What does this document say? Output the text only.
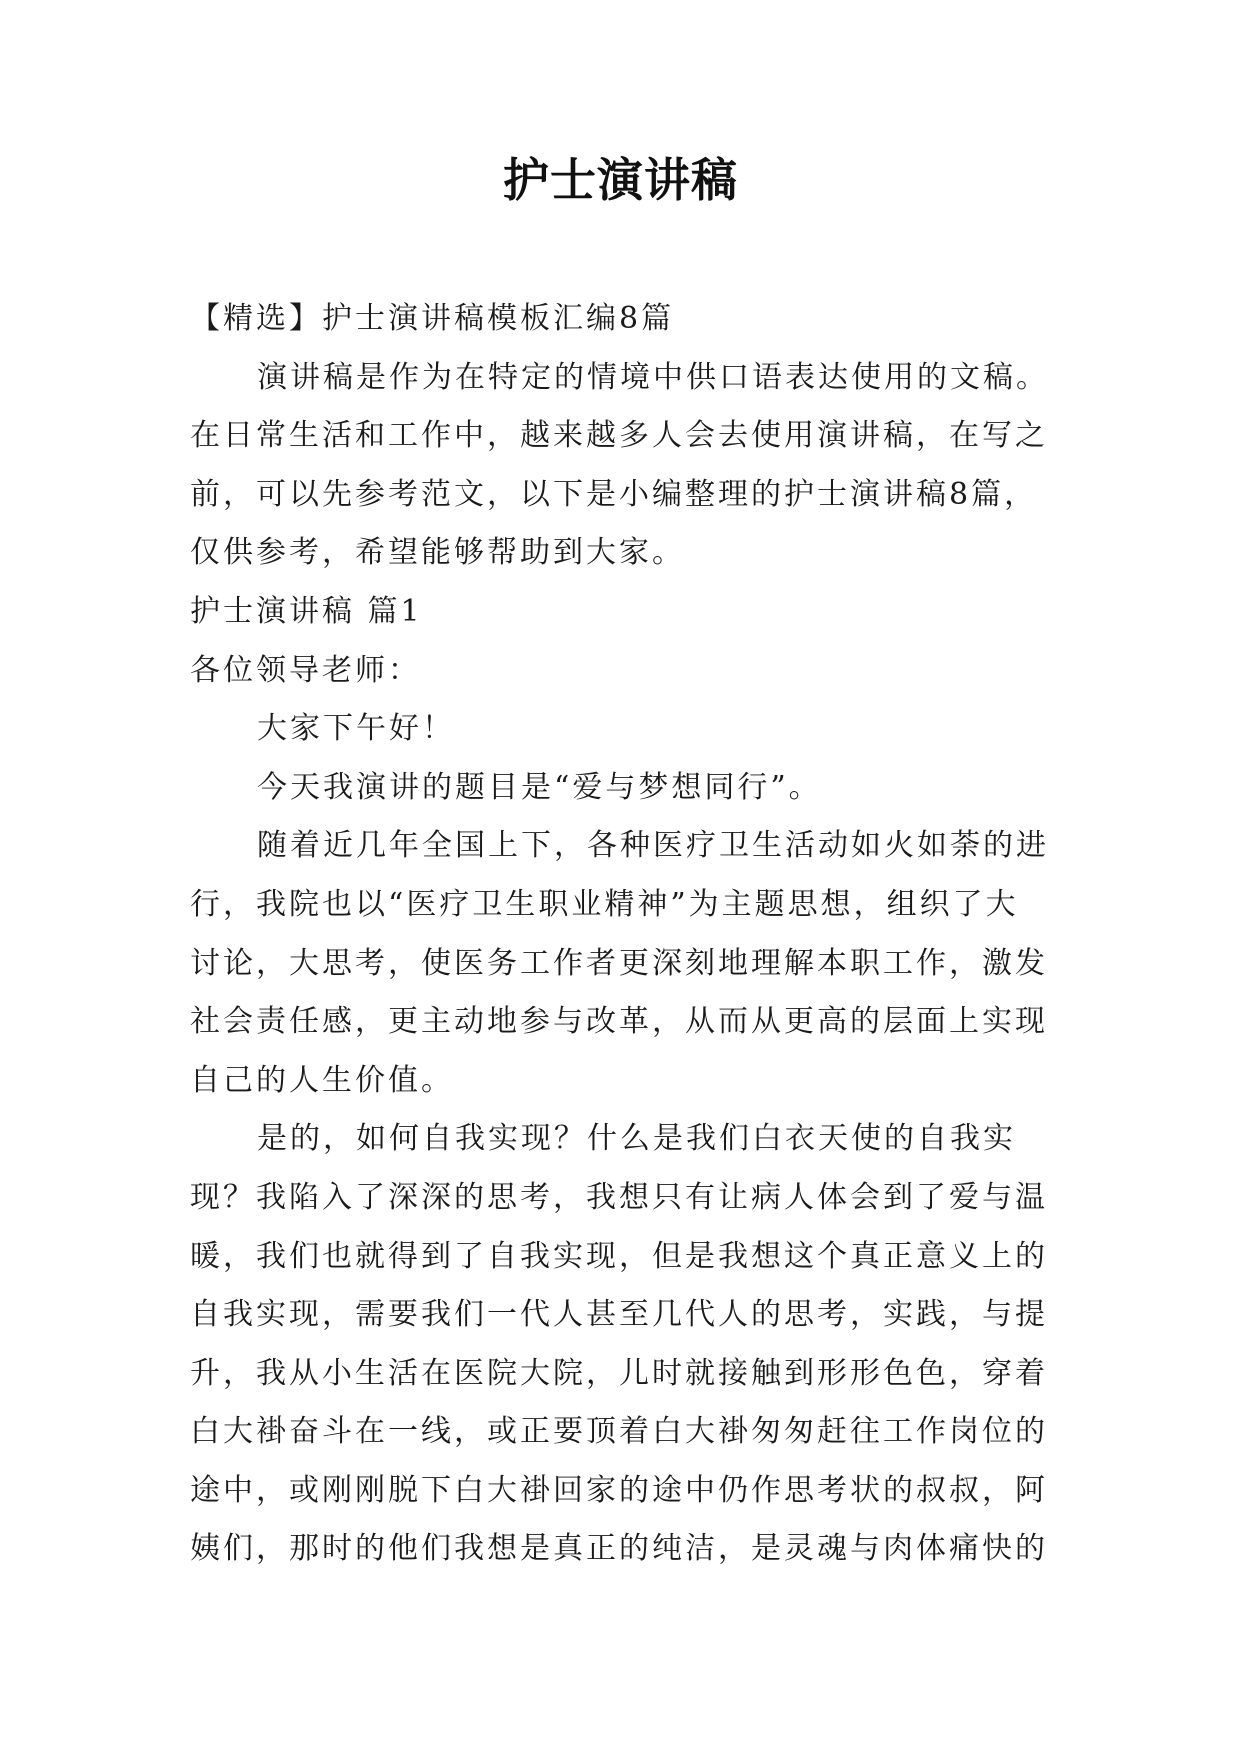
护士演讲稿
【精选】护士演讲稿模板汇编8篇
演讲稿是作为在特定的情境中供口语表达使用的文稿。
在日常生活和工作中，越来越多人会去使用演讲稿，在写之
前，可以先参考范文，以下是小编整理的护士演讲稿8篇，
仅供参考，希望能够帮助到大家。
护士演讲稿 篇1
各位领导老师：
大家下午好！
今天我演讲的题目是“爱与梦想同行”。
随着近几年全国上下，各种医疗卫生活动如火如荼的进
行，我院也以“医疗卫生职业精神”为主题思想，组织了大
讨论，大思考，使医务工作者更深刻地理解本职工作，激发
社会责任感，更主动地参与改革，从而从更高的层面上实现
自己的人生价值。
是的，如何自我实现？什么是我们白衣天使的自我实
现？我陷入了深深的思考，我想只有让病人体会到了爱与温
暖，我们也就得到了自我实现，但是我想这个真正意义上的
自我实现，需要我们一代人甚至几代人的思考，实践，与提
升，我从小生活在医院大院，儿时就接触到形形色色，穿着
白大褂奋斗在一线，或正要顶着白大褂匆匆赶往工作岗位的
途中，或刚刚脱下白大褂回家的途中仍作思考状的叔叔，阿
姨们，那时的他们我想是真正的纯洁，是灵魂与肉体痛快的
